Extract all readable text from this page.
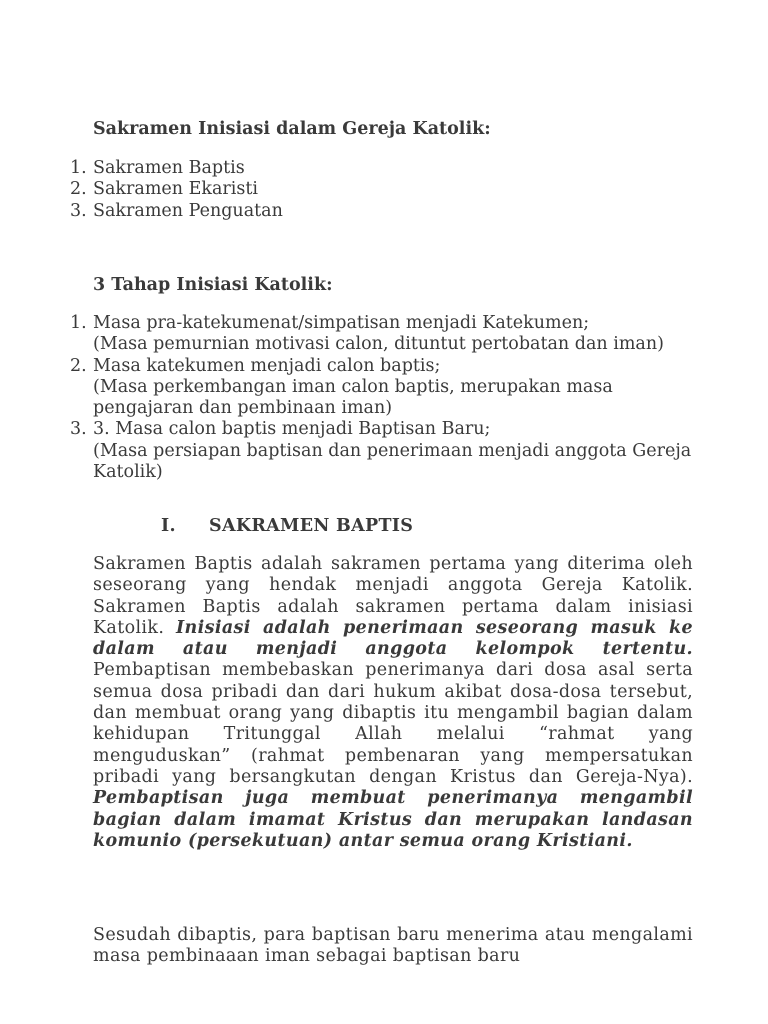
Sakramen Inisiasi dalam Gereja Katolik:

1. Sakramen Baptis
2. Sakramen Ekaristi
3. Sakramen Penguatan

3 Tahap Inisiasi Katolik:

1. Masa pra-katekumenat/simpatisan menjadi Katekumen;
(Masa pemurnian motivasi calon, dituntut pertobatan dan iman)
2. Masa katekumen menjadi calon baptis;
(Masa perkembangan iman calon baptis, merupakan masa pengajaran dan pembinaan iman)
3. 3. Masa calon baptis menjadi Baptisan Baru;
(Masa persiapan baptisan dan penerimaan menjadi anggota Gereja Katolik)
I. SAKRAMEN BAPTIS

Sakramen Baptis adalah sakramen pertama yang diterima oleh seseorang yang hendak menjadi anggota Gereja Katolik. Sakramen Baptis adalah sakramen pertama dalam inisiasi Katolik. Inisiasi adalah penerimaan seseorang masuk ke dalam atau menjadi anggota kelompok tertentu. Pembaptisan membebaskan penerimanya dari dosa asal serta semua dosa pribadi dan dari hukum akibat dosa-dosa tersebut, dan membuat orang yang dibaptis itu mengambil bagian dalam kehidupan Tritunggal Allah melalui “rahmat yang menguduskan” (rahmat pembenaran yang mempersatukan pribadi yang bersangkutan dengan Kristus dan Gereja-Nya). Pembaptisan juga membuat penerimanya mengambil bagian dalam imamat Kristus dan merupakan landasan komunio (persekutuan) antar semua orang Kristiani.

Sesudah dibaptis, para baptisan baru menerima atau mengalami masa pembinaaan iman sebagai baptisan baru
